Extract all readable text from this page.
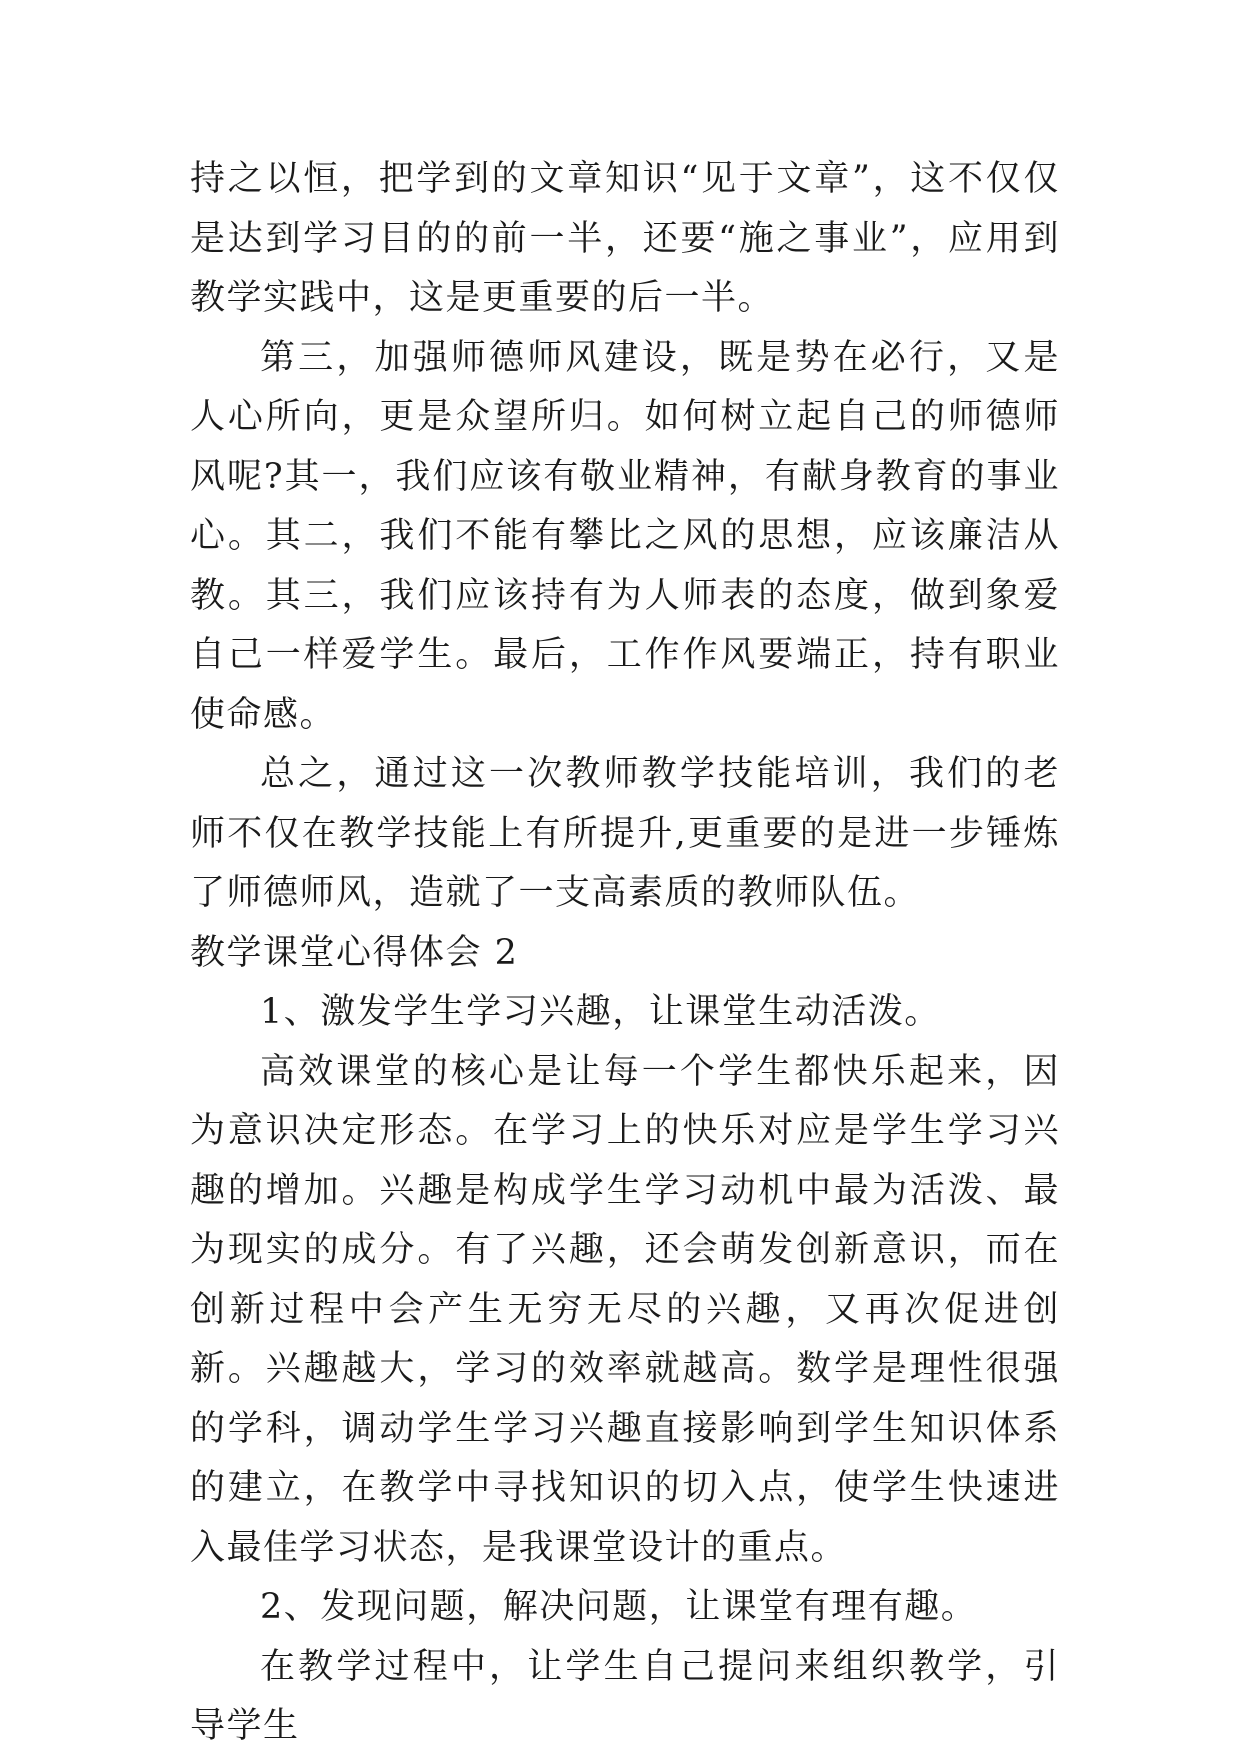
持之以恒，把学到的文章知识“见于文章”，这不仅仅是达到学习目的的前一半，还要“施之事业”，应用到教学实践中，这是更重要的后一半。

第三，加强师德师风建设，既是势在必行，又是人心所向，更是众望所归。如何树立起自己的师德师风呢?其一，我们应该有敬业精神，有献身教育的事业心。其二，我们不能有攀比之风的思想，应该廉洁从教。其三，我们应该持有为人师表的态度，做到象爱自己一样爱学生。最后，工作作风要端正，持有职业使命感。

总之，通过这一次教师教学技能培训，我们的老师不仅在教学技能上有所提升,更重要的是进一步锤炼了师德师风，造就了一支高素质的教师队伍。

教学课堂心得体会 2

1、激发学生学习兴趣，让课堂生动活泼。

高效课堂的核心是让每一个学生都快乐起来，因为意识决定形态。在学习上的快乐对应是学生学习兴趣的增加。兴趣是构成学生学习动机中最为活泼、最为现实的成分。有了兴趣，还会萌发创新意识，而在创新过程中会产生无穷无尽的兴趣，又再次促进创新。兴趣越大，学习的效率就越高。数学是理性很强的学科，调动学生学习兴趣直接影响到学生知识体系的建立，在教学中寻找知识的切入点，使学生快速进入最佳学习状态，是我课堂设计的重点。

2、发现问题，解决问题，让课堂有理有趣。

在教学过程中，让学生自己提问来组织教学，引导学生
